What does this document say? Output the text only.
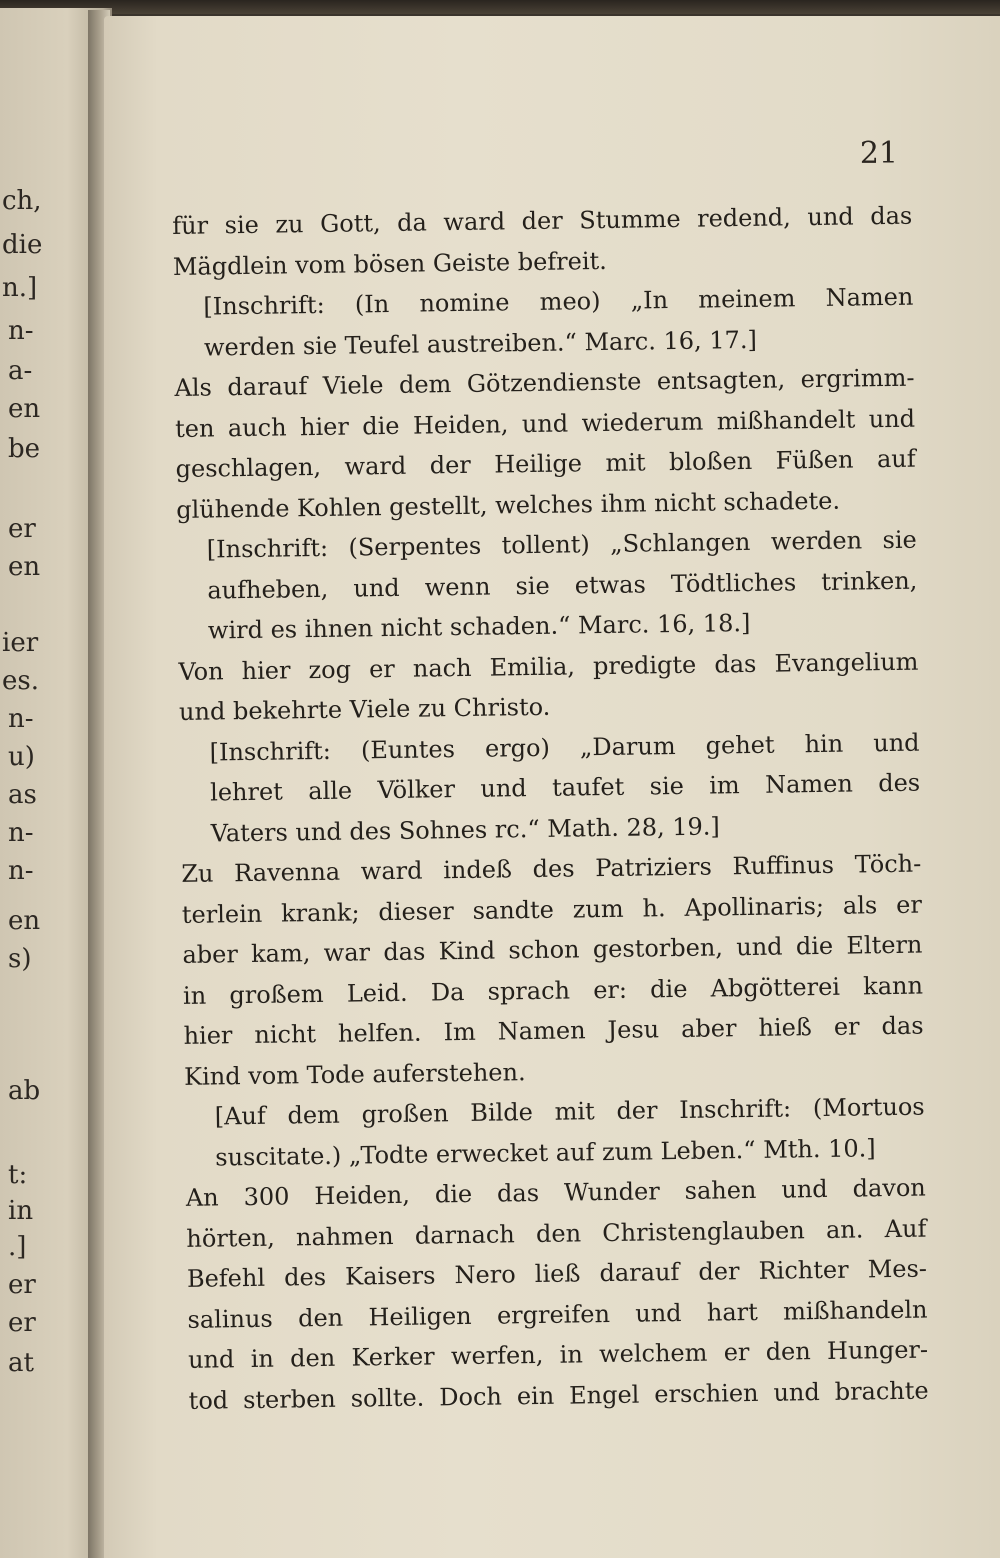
ch,
die
n.]
n-
a-
en
be
er
en
ier
es.
n-
u)
as
n-
n-
en
s)
ab
t:
in
.]
er
er
at
21
für sie zu Gott, da ward der Stumme redend, und das
Mägdlein vom bösen Geiste befreit.
[Inschrift: (In nomine meo) „In meinem Namen
werden sie Teufel austreiben.“ Marc. 16, 17.]
Als darauf Viele dem Götzendienste entsagten, ergrimm-
ten auch hier die Heiden, und wiederum mißhandelt und
geschlagen, ward der Heilige mit bloßen Füßen auf
glühende Kohlen gestellt, welches ihm nicht schadete.
[Inschrift: (Serpentes tollent) „Schlangen werden sie
aufheben, und wenn sie etwas Tödtliches trinken,
wird es ihnen nicht schaden.“ Marc. 16, 18.]
Von hier zog er nach Emilia, predigte das Evangelium
und bekehrte Viele zu Christo.
[Inschrift: (Euntes ergo) „Darum gehet hin und
lehret alle Völker und taufet sie im Namen des
Vaters und des Sohnes rc.“ Math. 28, 19.]
Zu Ravenna ward indeß des Patriziers Ruffinus Töch-
terlein krank; dieser sandte zum h. Apollinaris; als er
aber kam, war das Kind schon gestorben, und die Eltern
in großem Leid. Da sprach er: die Abgötterei kann
hier nicht helfen. Im Namen Jesu aber hieß er das
Kind vom Tode auferstehen.
[Auf dem großen Bilde mit der Inschrift: (Mortuos
suscitate.) „Todte erwecket auf zum Leben.“ Mth. 10.]
An 300 Heiden, die das Wunder sahen und davon
hörten, nahmen darnach den Christenglauben an. Auf
Befehl des Kaisers Nero ließ darauf der Richter Mes-
salinus den Heiligen ergreifen und hart mißhandeln
und in den Kerker werfen, in welchem er den Hunger-
tod sterben sollte. Doch ein Engel erschien und brachte
